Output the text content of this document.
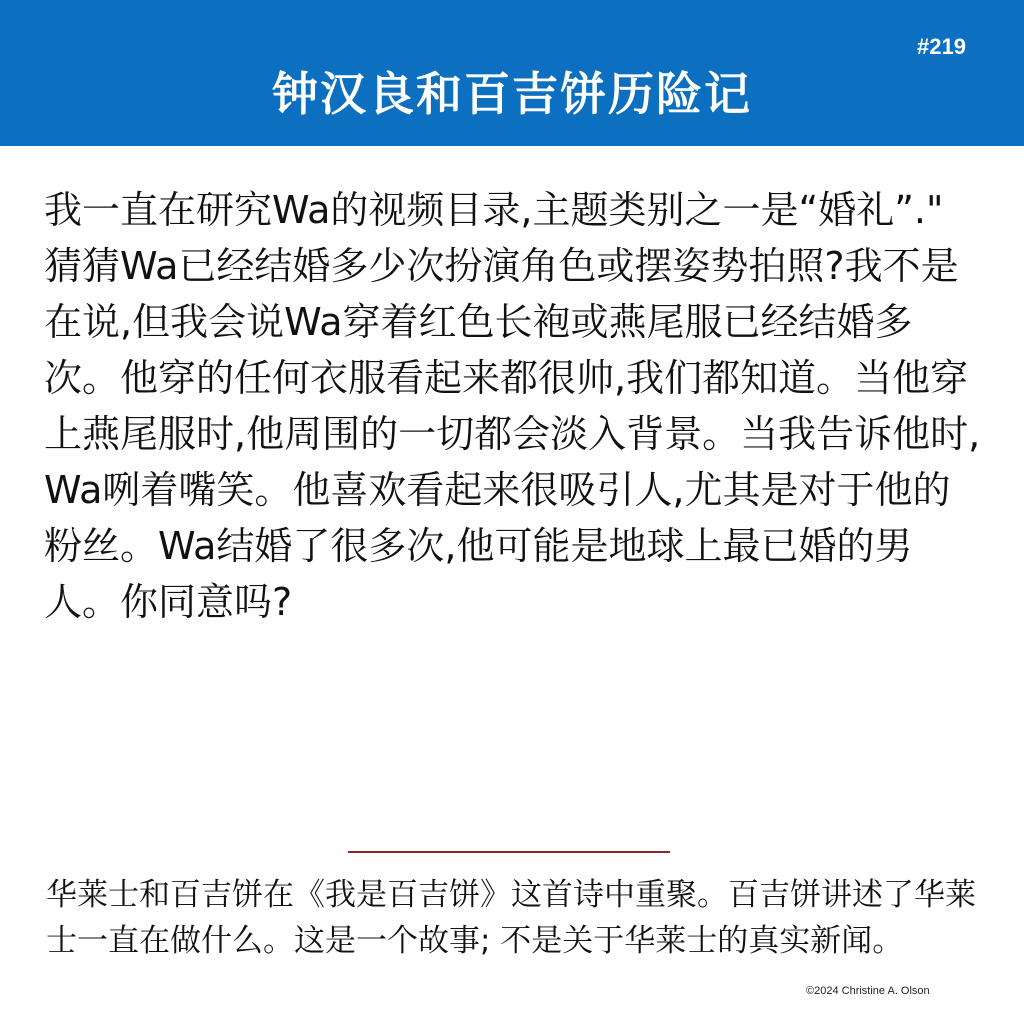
#219
钟汉良和百吉饼历险记
我一直在研究Wa的视频目录,主题类别之一是“婚礼”." 猜猜Wa已经结婚多少次扮演角色或摆姿势拍照?我不是在说,但我会说Wa穿着红色长袍或燕尾服已经结婚多次。他穿的任何衣服看起来都很帅,我们都知道。当他穿上燕尾服时,他周围的一切都会淡入背景。当我告诉他时,Wa咧着嘴笑。他喜欢看起来很吸引人,尤其是对于他的粉丝。Wa结婚了很多次,他可能是地球上最已婚的男人。你同意吗?
华莱士和百吉饼在《我是百吉饼》这首诗中重聚。百吉饼讲述了华莱士一直在做什么。这是一个故事; 不是关于华莱士的真实新闻。
©2024 Christine A. Olson
